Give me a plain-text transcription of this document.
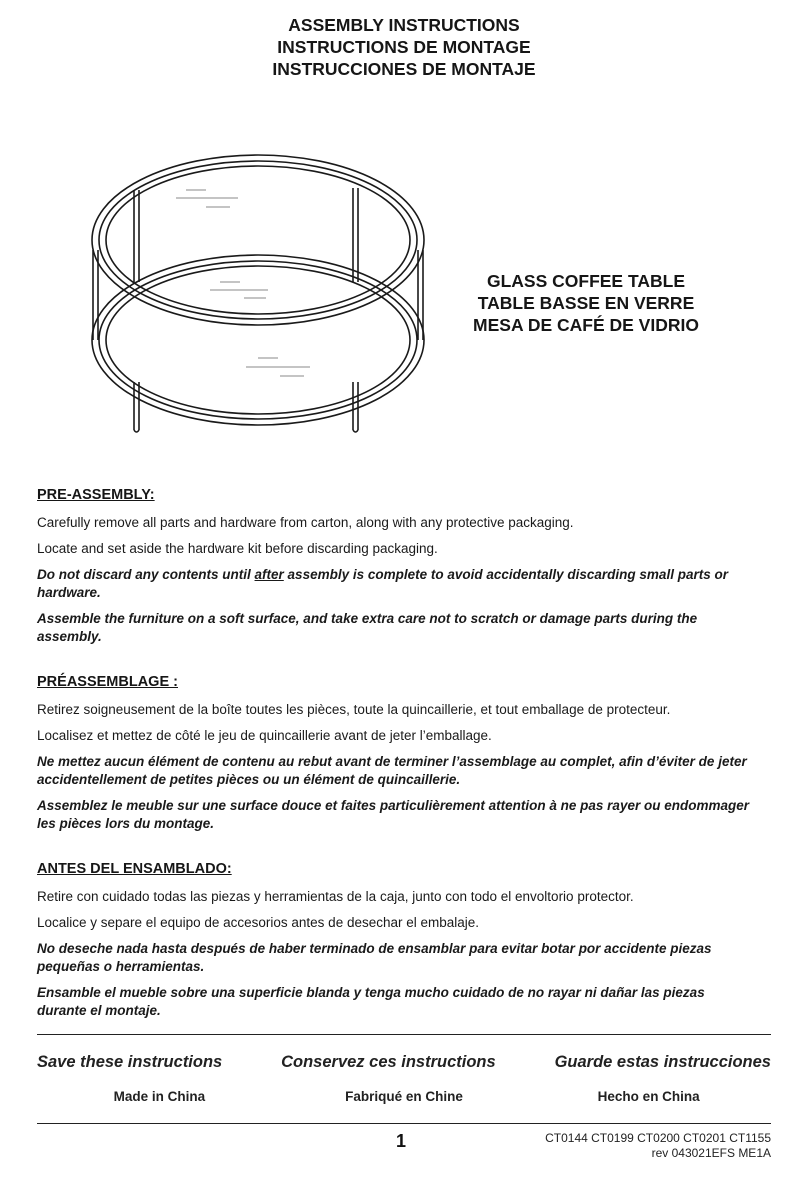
ASSEMBLY INSTRUCTIONS
INSTRUCTIONS DE MONTAGE
INSTRUCCIONES DE MONTAJE
GLASS COFFEE TABLE
TABLE BASSE EN VERRE
MESA DE CAFÉ DE VIDRIO
PRE-ASSEMBLY:
Carefully remove all parts and hardware from carton, along with any protective packaging.
Locate and set aside the hardware kit before discarding packaging.
Do not discard any contents until after assembly is complete to avoid accidentally discarding small parts or hardware.
Assemble the furniture on a soft surface, and take extra care not to scratch or damage parts during the assembly.
PRÉASSEMBLAGE :
Retirez soigneusement de la boîte toutes les pièces, toute la quincaillerie, et tout emballage de protecteur.
Localisez et mettez de côté le jeu de quincaillerie avant de jeter l’emballage.
Ne mettez aucun élément de contenu au rebut avant de terminer l’assemblage au complet, afin d’éviter de jeter accidentellement de petites pièces ou un élément de quincaillerie.
Assemblez le meuble sur une surface douce et faites particulièrement attention à ne pas rayer ou endommager les pièces lors du montage.
ANTES DEL ENSAMBLADO:
Retire con cuidado todas las piezas y herramientas de la caja, junto con todo el envoltorio protector.
Localice y separe el equipo de accesorios antes de desechar el embalaje.
No deseche nada hasta después de haber terminado de ensamblar para evitar botar por accidente piezas pequeñas o herramientas.
Ensamble el mueble sobre una superficie blanda y tenga mucho cuidado de no rayar ni dañar las piezas durante el montaje.
Save these instructions	Conservez ces instructions	Guarde estas instrucciones
Made in China	Fabriqué en Chine	Hecho en China
1	CT0144 CT0199 CT0200 CT0201 CT1155
rev 043021EFS ME1A
